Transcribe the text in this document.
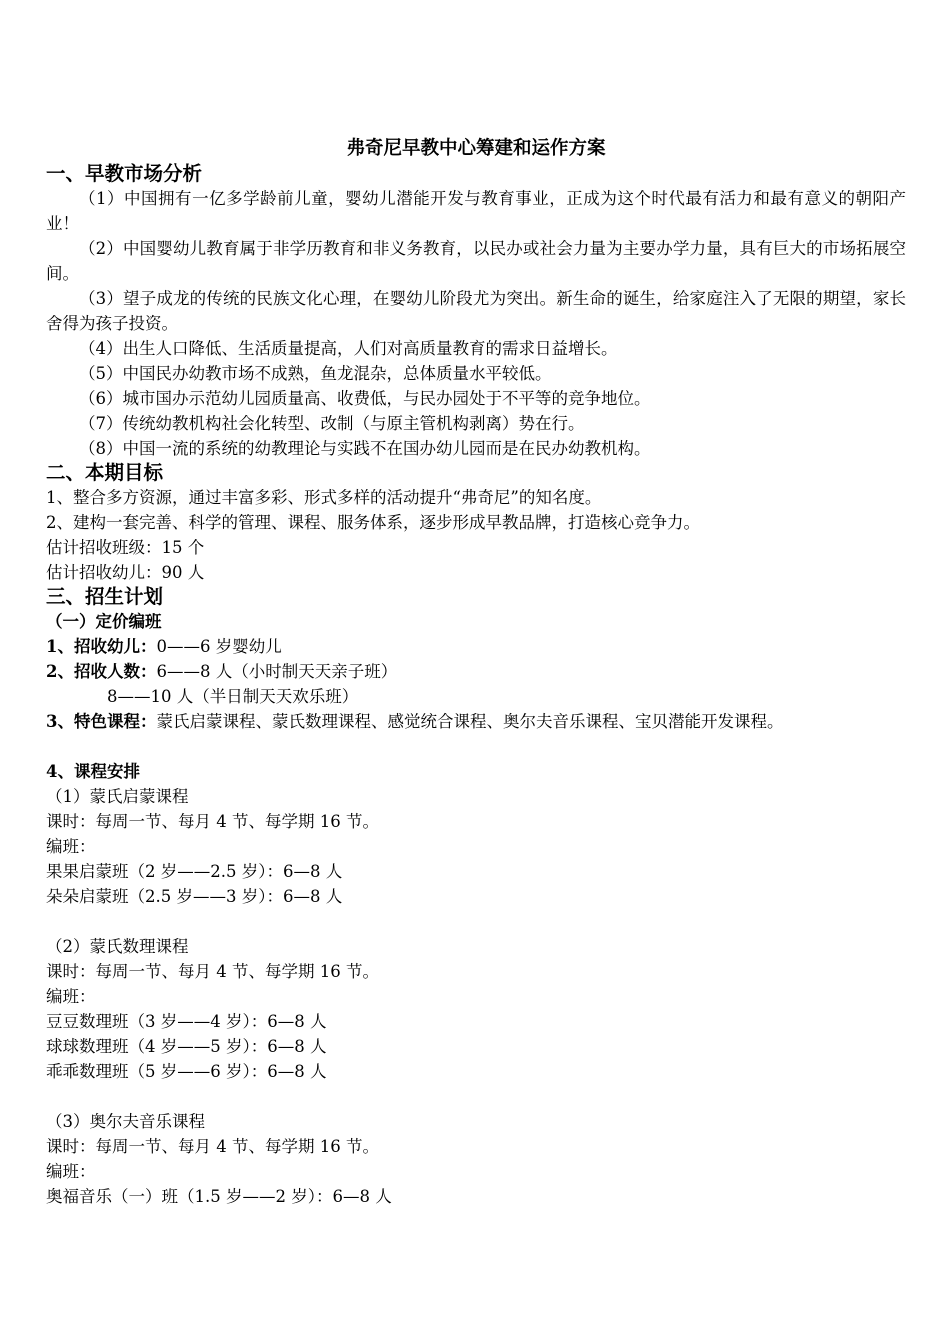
弗奇尼早教中心筹建和运作方案

一、早教市场分析

（1）中国拥有一亿多学龄前儿童，婴幼儿潜能开发与教育事业，正成为这个时代最有活力和最有意义的朝阳产业！

（2）中国婴幼儿教育属于非学历教育和非义务教育，以民办或社会力量为主要办学力量，具有巨大的市场拓展空间。

（3）望子成龙的传统的民族文化心理，在婴幼儿阶段尤为突出。新生命的诞生，给家庭注入了无限的期望，家长舍得为孩子投资。

（4）出生人口降低、生活质量提高，人们对高质量教育的需求日益增长。

（5）中国民办幼教市场不成熟，鱼龙混杂，总体质量水平较低。

（6）城市国办示范幼儿园质量高、收费低，与民办园处于不平等的竞争地位。

（7）传统幼教机构社会化转型、改制（与原主管机构剥离）势在行。

（8）中国一流的系统的幼教理论与实践不在国办幼儿园而是在民办幼教机构。

二、本期目标

1、整合多方资源，通过丰富多彩、形式多样的活动提升“弗奇尼”的知名度。

2、建构一套完善、科学的管理、课程、服务体系，逐步形成早教品牌，打造核心竞争力。

估计招收班级：15 个

估计招收幼儿：90 人

三、招生计划

（一）定价编班

1、招收幼儿：0——6 岁婴幼儿

2、招收人数：6——8 人（小时制天天亲子班）

8——10 人（半日制天天欢乐班）

3、特色课程：蒙氏启蒙课程、蒙氏数理课程、感觉统合课程、奥尔夫音乐课程、宝贝潜能开发课程。

4、课程安排

（1）蒙氏启蒙课程

课时：每周一节、每月 4 节、每学期 16 节。

编班：

果果启蒙班（2 岁——2.5 岁）：6—8 人

朵朵启蒙班（2.5 岁——3 岁）：6—8 人

（2）蒙氏数理课程

课时：每周一节、每月 4 节、每学期 16 节。

编班：

豆豆数理班（3 岁——4 岁）：6—8 人

球球数理班（4 岁——5 岁）：6—8 人

乖乖数理班（5 岁——6 岁）：6—8 人

（3）奥尔夫音乐课程

课时：每周一节、每月 4 节、每学期 16 节。

编班：

奥福音乐（一）班（1.5 岁——2 岁）：6—8 人
